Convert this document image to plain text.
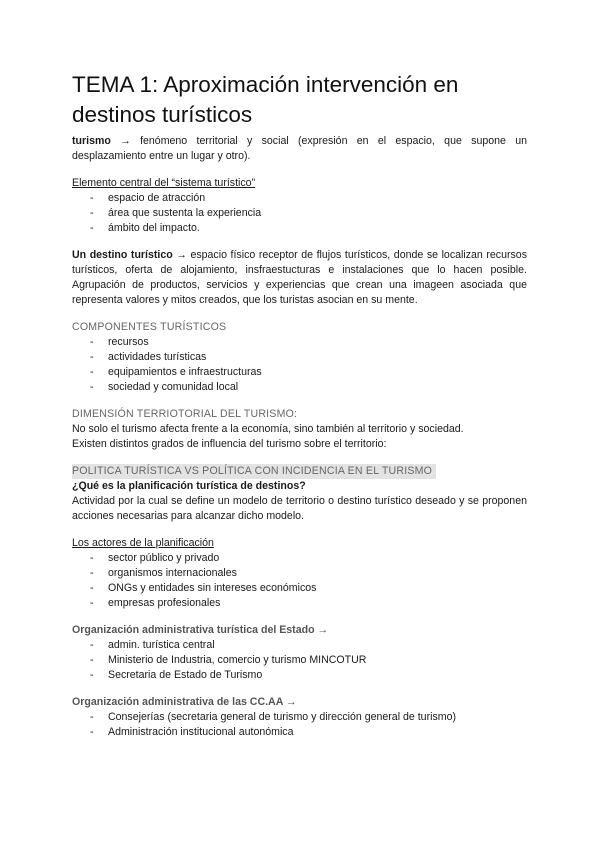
TEMA 1: Aproximación intervención en destinos turísticos

turismo → fenómeno territorial y social (expresión en el espacio, que supone un desplazamiento entre un lugar y otro).

Elemento central del “sistema turístico”

- espacio de atracción
- área que sustenta la experiencia
- ámbito del impacto.

Un destino turístico → espacio físico receptor de flujos turísticos, donde se localizan recursos turísticos, oferta de alojamiento, insfraestucturas e instalaciones que lo hacen posible. Agrupación de productos, servicios y experiencias que crean una imageen asociada que representa valores y mitos creados, que los turistas asocian en su mente.

COMPONENTES TURÍSTICOS

- recursos
- actividades turísticas
- equipamientos e infraestructuras
- sociedad y comunidad local

DIMENSIÓN TERRIOTORIAL DEL TURISMO:

No solo el turismo afecta frente a la economía, sino también al territorio y sociedad.

Existen distintos grados de influencia del turismo sobre el territorio:

POLITICA TURÍSTICA VS POLÍTICA CON INCIDENCIA EN EL TURISMO

¿Qué es la planificación turística de destinos?

Actividad por la cual se define un modelo de territorio o destino turístico deseado y se proponen acciones necesarias para alcanzar dicho modelo.

Los actores de la planificación

- sector público y privado
- organismos internacionales
- ONGs y entidades sin intereses económicos
- empresas profesionales

Organización administrativa turística del Estado →

- admin. turística central
- Ministerio de Industria, comercio y turismo MINCOTUR
- Secretaria de Estado de Turismo

Organización administrativa de las CC.AA →

- Consejerías (secretaria general de turismo y dirección general de turismo)
- Administración institucional autonómica
